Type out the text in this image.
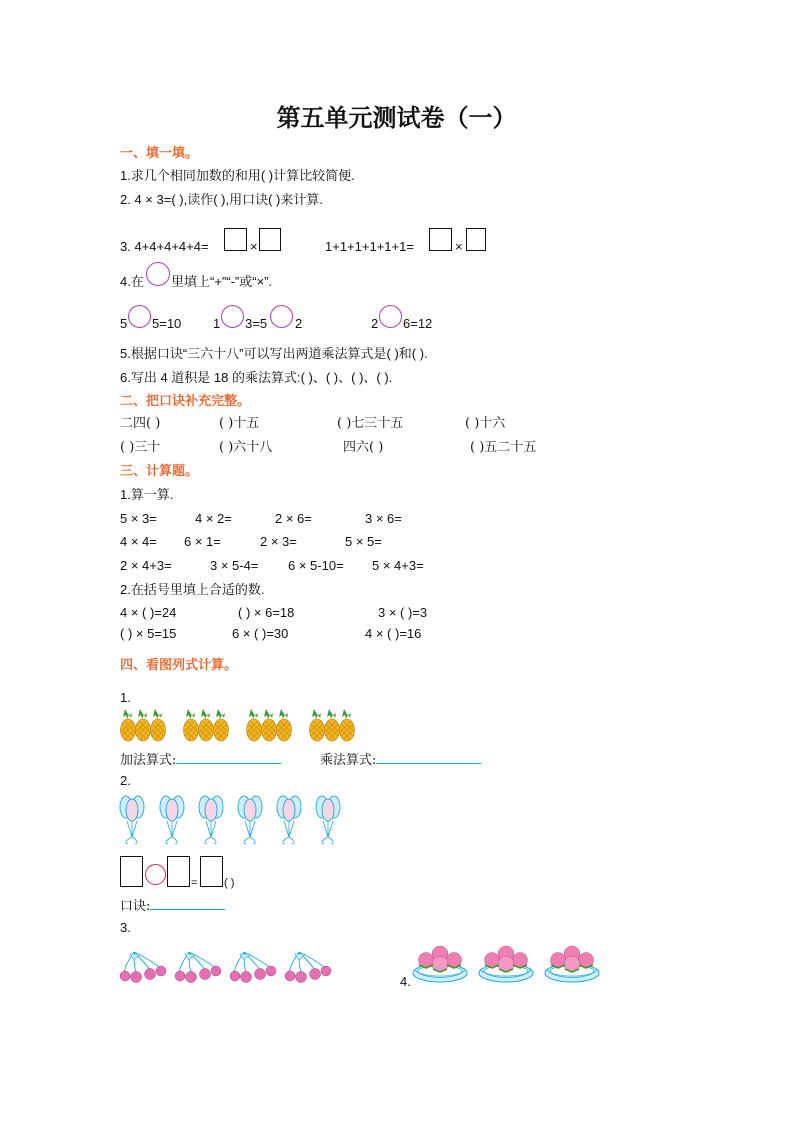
第五单元测试卷（一）
一、填一填。
1.求几个相同加数的和用( )计算比较简便.
2. 4 × 3=( ),读作( ),用口诀( )来计算.
3. 4+4+4+4+4=	×	1+1+1+1+1+1=	×
4.在 里填上“+”“-”或“×”.
5 5=10 1 3=5 2	2 6=12
5.根据口诀“三六十八”可以写出两道乘法算式是( )和( ).
6.写出 4 道积是 18 的乘法算式:( )、( )、( )、( ).
二、把口诀补充完整。
二四( )	( )十五	( )七三十五	( )十六
( )三十	( )六十八	四六( )	( )五二十五
三、计算题。
1.算一算.
5 × 3=	4 × 2=	2 × 6=	3 × 6=
4 × 4= 6 × 1=	2 × 3=	5 × 5=
2 × 4+3=	3 × 5-4= 6 × 5-10= 5 × 4+3=
2.在括号里填上合适的数.
4 × ( )=24	( ) × 6=18	3 × ( )=3
( ) × 5=15	6 × ( )=30	4 × ( )=16
四、看图列式计算。
1.
加法算式:	乘法算式:
2.
= ( )
口诀:
3.
4.
